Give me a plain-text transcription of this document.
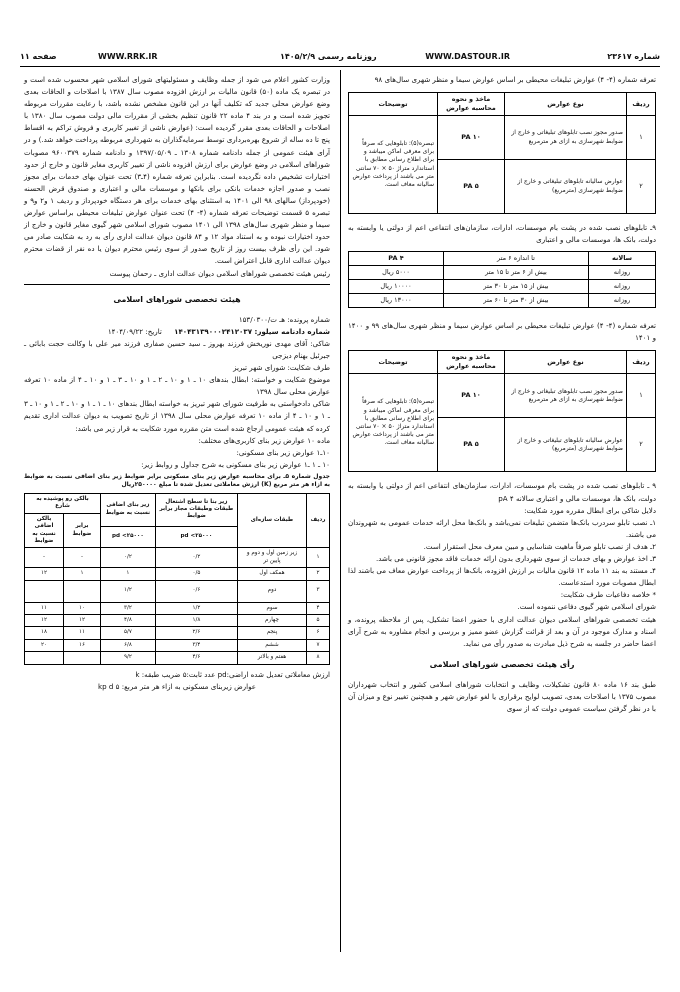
شماره ۲۳۶۱۷
WWW.DASTOUR.IR
روزنامه رسمی ۱۴۰۵/۲/۹
WWW.RRK.IR
صفحه ۱۱

تعرفه شماره (۴- ۴) عوارض تبلیغات محیطی بر اساس عوارض سیما و منظر شهری سال‌های ۹۸

ردیف	نوع عوارض	ماخذ و نحوه محاسبه عوارض	توضیحات
۱	صدور مجوز نصب تابلوهای تبلیغاتی و خارج از ضوابط شهرسازی به ازای هر مترمربع	۱۰ PA	تبصره(۵): تابلوهایی که صرفاً برای معرفی اماکن میباشد و برای اطلاع رسانی مطابق با استاندارد متراژ ۵۰ × ۷۰ سانتی متر می باشند از پرداخت عوارض سالیانه معاف است.
۲	عوارض سالیانه تابلوهای تبلیغاتی و خارج از ضوابط شهرسازی (مترمربع)	۵ PA	

۹ـ تابلوهای نصب شده در پشت بام موسسات، ادارات، سازمان‌های انتفاعی اعم از دولتی یا وابسته به دولت، بانک ها، موسسات مالی و اعتباری

سالانه	تا اندازه ۶ متر	۴ PA
روزانه	بیش از ۶ متر تا ۱۵ متر	۵۰۰۰ ریال
روزانه	بیش از ۱۵ متر تا ۳۰ متر	۱۰۰۰۰ ریال
روزانه	بیش از ۳۰ متر تا ۶۰ متر	۱۳۰۰۰ ریال

تعرفه شماره (۴- ۴) عوارض تبلیغات محیطی بر اساس عوارض سیما و منظر شهری سال‌های ۹۹ و ۱۴۰۰ و ۱۴۰۱

ردیف	نوع عوارض	ماخذ و نحوه محاسبه عوارض	توضیحات
۱	صدور مجوز نصب تابلوهای تبلیغاتی و خارج از ضوابط شهرسازی به ازای هر مترمربع	۱۰ PA	تبصره(۵): تابلوهایی که صرفاً برای معرفی اماکن میباشد و برای اطلاع رسانی مطابق با استاندارد متراژ ۵۰ × ۷۰ سانتی متر می باشند از پرداخت عوارض سالیانه معاف است.
۲	عوارض سالیانه تابلوهای تبلیغاتی و خارج از ضوابط شهرسازی (مترمربع)	۵ PA	

۹ ـ تابلوهای نصب شده در پشت بام موسسات، ادارات، سازمان‌های انتفاعی اعم از دولتی یا وابسته به دولت، بانک ها، موسسات مالی و اعتباری سالانه ۴ pA

دلایل شاکی برای ابطال مقرره مورد شکایت:

۱ـ نصب تابلو سردرب بانک‌ها متضمن تبلیغات نمی‌باشد و بانک‌ها محل ارائه خدمات عمومی به شهروندان می باشند.

۲ـ هدف از نصب تابلو صرفاً ماهیت شناسایی و مبین معرف محل استقرار است.

۳ـ اخذ عوارض و بهای خدمات از سوی شهرداری بدون ارائه خدمات فاقد مجوز قانونی می باشد.

۴ـ مستند به بند ۱۱ ماده ۱۲ قانون مالیات بر ارزش افزوده، بانک‌ها از پرداخت عوارض معاف می باشند لذا ابطال مصوبات مورد استدعاست.

* خلاصه دفاعیات طرف شکایت:

شورای اسلامی شهر گیوی دفاعی ننموده است.

هیئت تخصصی شوراهای اسلامی دیوان عدالت اداری با حضور اعضا تشکیل، پس از ملاحظه پرونده، و اسناد و مدارک موجود در آن و بعد از قرائت گزارش عضو ممیز و بررسی و انجام مشاوره به شرح آرای اعضا حاضر در جلسه به شرح ذیل مبادرت به صدور رأی می نماید.

رأی هیئت تخصصی شوراهای اسلامی

طبق بند ۱۶ ماده ۸۰ قانون تشکیلات، وظایف و انتخابات شوراهای اسلامی کشور و انتخاب شهرداران مصوب ۱۳۷۵ با اصلاحات بعدی، تصویب لوایح برقراری یا لغو عوارض شهر و همچنین تغییر نوع و میزان آن با در نظر گرفتن سیاست عمومی دولت که از سوی

وزارت کشور اعلام می شود از جمله وظایف و مسئولیتهای شورای اسلامی شهر محسوب شده است و در تبصره یک ماده (۵۰) قانون مالیات بر ارزش افزوده مصوب سال ۱۳۸۷ با اصلاحات و الحاقات بعدی وضع عوارض محلی جدید که تکلیف آنها در این قانون مشخص نشده باشد، با رعایت مقررات مربوطه تجویز شده است و در بند ۴ ماده ۲۲ قانون تنظیم بخشی از مقررات مالی دولت مصوب سال ۱۳۸۰ با اصلاحات و الحاقات بعدی مقرر گردیده است: (عوارض ناشی از تغییر کاربری و فروش تراکم به اقساط پنج تا ده ساله از شروع بهره‌برداری توسط سرمایه‌گذاران به شهرداری مربوطه پرداخت خواهد شد.) و در آرای هیئت عمومی از جمله دادنامه شماره ۱۳۰۸ ـ ۱۳۹۷/۰۵/۰۹ و دادنامه شماره ۹۶۰۰۳۷۹ مصوبات شوراهای اسلامی در وضع عوارض برای ارزش افزوده ناشی از تغییر کاربری مغایر قانون و خارج از حدود اختیارات تشخیص داده نگردیده است. بنابراین تعرفه شماره (۴ـ۳) تحت عنوان بهای خدمات برای مجوز نصب و صدور اجازه خدمات بانکی برای بانکها و موسسات مالی و اعتباری و صندوق قرض الحسنه (خودپرداز) سالهای ۹۸ الی ۱۴۰۱ به استثنای بهای خدمات برای هر دستگاه خودپرداز و ردیف ۱ و۲ و۹ و تبصره ۵ قسمت توضیحات تعرفه شماره (۴- ۴) تحت عنوان عوارض تبلیغات محیطی براساس عوارض سیما و منظر شهری سال‌های ۱۳۹۸ الی ۱۴۰۱ مصوب شورای اسلامی شهر گیوی مغایر قانون و خارج از حدود اختیارات نبوده و به استناد مواد ۱۲ و ۸۴ قانون دیوان عدالت اداری رأی به رد به شکایت صادر می شود. این رأی ظرف بیست روز از تاریخ صدور از سوی رئیس محترم دیوان یا ده نفر از قضات محترم دیوان عدالت اداری قابل اعتراض است.

رئیس هیئت تخصصی شوراهای اسلامی دیوان عدالت اداری ـ رحمان پیوست

هیئت تخصصی شوراهای اسلامی

شماره پرونده: هـ ت/۱۵۳/۰۳۰۰

شماره دادنامه سیلور: ۱۴۰۴۳۱۳۹۰۰۰۲۴۱۲۰۳۷ تاریخ: ۱۴۰۴/۰۹/۲۲

شاکی: آقای مهدی نوریخش فرزند بهروز ـ سید حسین صفاری فرزند میر علی با وکالت حجت بابائی ـ جبرئیل بهنام دیزجی

طرف شکایت: شورای شهر تبریز

موضوع شکایت و خواسته: ابطال بندهای ۱۰ ـ ۱ و ۱۰ ـ ۲ ـ ۱ و ۱۰ ـ ۳ ـ ۱ و ۱۰ ـ ۴ از ماده ۱۰ تعرفه عوارض محلی سال ۱۳۹۸

شاکی دادخواستی به طرفیت شورای شهر تبریز به خواسته ابطال بندهای ۱۰ ـ ۱ ـ ۱ و ۱۰ ـ ۲ ـ ۱ و ۱۰ ـ ۳ ـ ۱ و ۱۰ ـ ۴ از ماده ۱۰ تعرفه عوارض محلی سال ۱۳۹۸ از تاریخ تصویب به دیوان عدالت اداری تقدیم کرده که هیئت عمومی ارجاع شده است متن مقرره مورد شکایت به قرار زیر می باشد:

ماده ۱۰ عوارض زیر بنای کاربری‌های مختلف:

۱۰ـ۱ عوارض زیر بنای مسکونی:

۱۰ ـ ۱ ـ۱ عوارض زیر بنای مسکونی به شرح جداول و روابط زیر:

جدول شماره ۵ـ برای محاسبه عوارض زیر بنای مسکونی برابر ضوابط زیر بنای اضافی نسبت به ضوابط به ازاء هر متر مربع (K) ارزش معاملاتی تعدیل شده تا مبلغ ۲۵۰۰۰۰ریال

ردیف	طبقات سازه‌ای	زیر بنا تا سطح اشتغال طبقات وطبقات مجاز برابر ضوابط	زیر بنای اضافی نسبت به ضوابط	بالکن رو پوشیده به شارع	
				برابر ضوابط	بالکن اضافی نسبت به ضوابط
		pd <۲۵۰۰۰	pd <۲۵۰۰۰		
۱	زیر زمین اول و دوم و پایین تر	۰/۲	۰/۲	-	-
۲	همکف اول	۰/۵	۱	۱	۱۲
۳	دوم	۰/۶	۱/۲		
۴	سوم	۱/۲	۳/۲	۱۰	۱۱
۵	چهارم	۱/۸	۴/۸	۱۲	۱۲
۶	پنجم	۲/۶	۵/۷	۱۱	۱۸
۷	ششم	۳/۴	۶/۸	۱۶	۲۰
۸	هفتم و بالاتر	۴/۶	۹/۲		

ارزش معاملاتی تعدیل شده اراضی:pd عدد ثابت:۵ ضریب طبقه: k

عوارض زیربنای مسکونی به ازاء هر متر مربع: ۵ kp d
